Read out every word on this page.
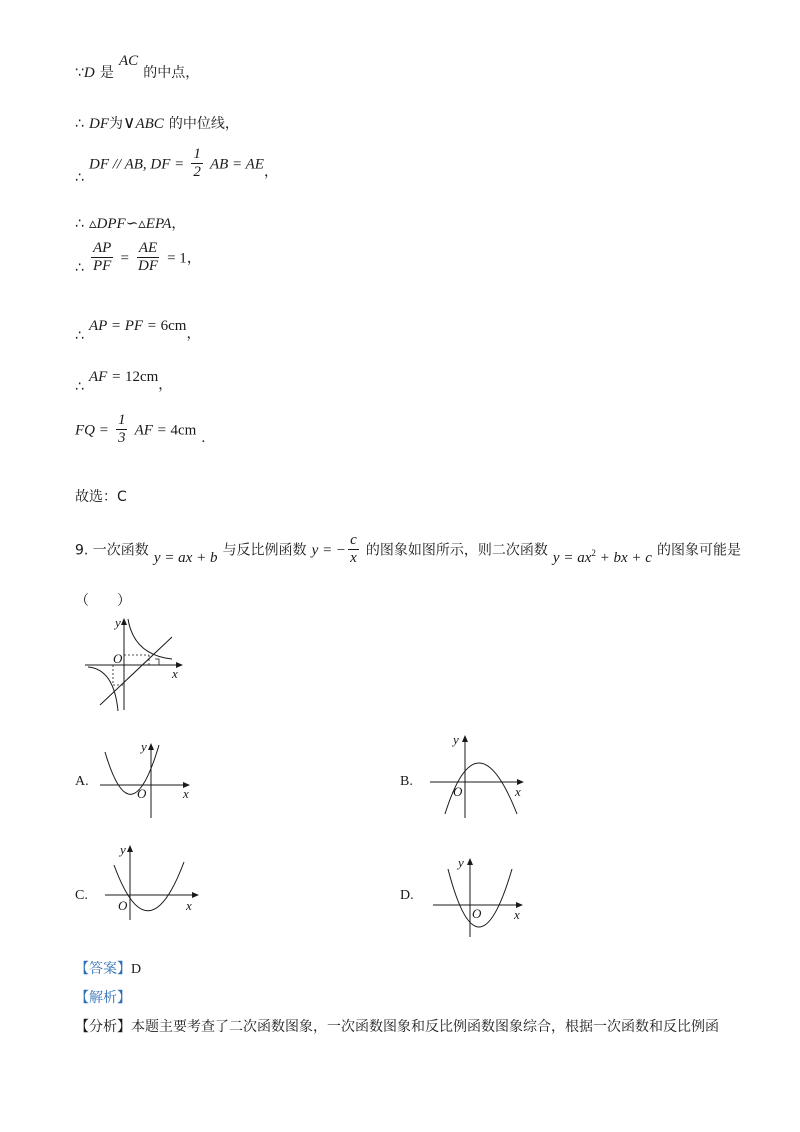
∵D 是 AC 的中点，
∴ DF为∨ABC 的中位线，
∴ DF // AB, DF = $\frac{1}{2}$ AB = AE，
∴ ▵DPF∽▵EPA，
∴ $\frac{AP}{PF} = \frac{AE}{DF} = 1$，
∴ AP = PF = 6cm，
∴ AF = 12cm，
FQ = $\frac{1}{3}$ AF = 4cm .
故选：C
9. 一次函数 y = ax + b 与反比例函数 y = − $\frac{c}{x}$ 的图象如图所示，则二次函数 $y = ax^2$ + bx + c 的图象可能是
（　　）
y
O
x
A.
y
O	x
B.
y
O	x
C.
y
O	x
D.
y
O	x
【答案】D
【解析】
【分析】本题主要考查了二次函数图象，一次函数图象和反比例函数图象综合，根据一次函数和反比例函
